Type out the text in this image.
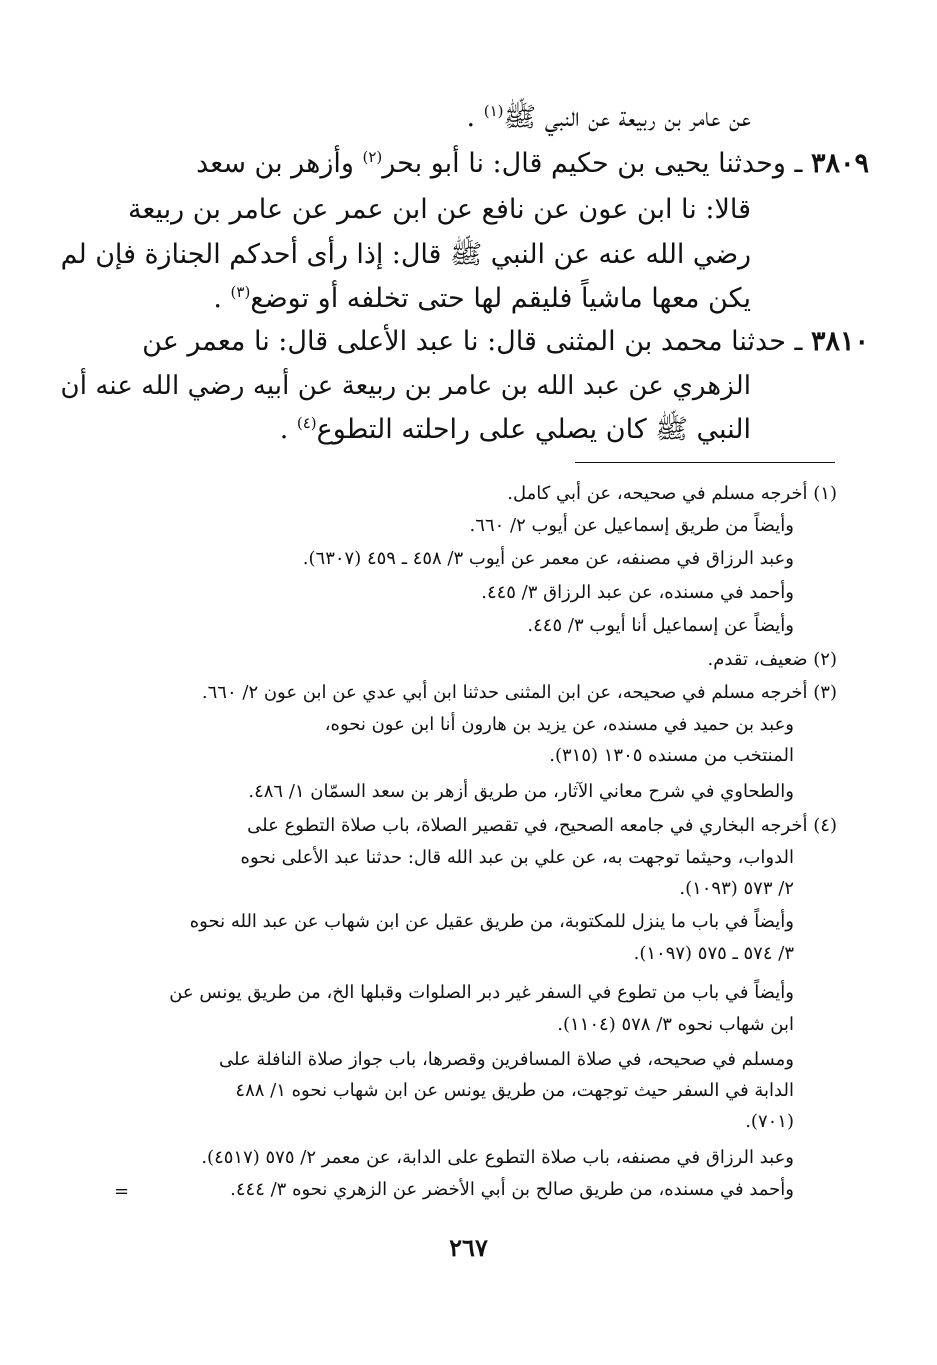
عن عامر بن ربيعة عن النبي ﷺ$^{(١)}$ .
٣٨٠٩ ـ وحدثنا يحيى بن حكيم قال: نا أبو بحر$^{(٢)}$ وأزهر بن سعد
قالا: نا ابن عون عن نافع عن ابن عمر عن عامر بن ربيعة
رضي الله عنه عن النبي ﷺ قال: إذا رأى أحدكم الجنازة فإن لم
يكن معها ماشياً فليقم لها حتى تخلفه أو توضع$^{(٣)}$ .
٣٨١٠ ـ حدثنا محمد بن المثنى قال: نا عبد الأعلى قال: نا معمر عن
الزهري عن عبد الله بن عامر بن ربيعة عن أبيه رضي الله عنه أن
النبي ﷺ كان يصلي على راحلته التطوع$^{(٤)}$ .
(١) أخرجه مسلم في صحيحه، عن أبي كامل.
وأيضاً من طريق إسماعيل عن أيوب ٢/ ٦٦٠.
وعبد الرزاق في مصنفه، عن معمر عن أيوب ٣/ ٤٥٨ ـ ٤٥٩ (٦٣٠٧).
وأحمد في مسنده، عن عبد الرزاق ٣/ ٤٤٥.
وأيضاً عن إسماعيل أنا أيوب ٣/ ٤٤٥.
(٢) ضعيف، تقدم.
(٣) أخرجه مسلم في صحيحه، عن ابن المثنى حدثنا ابن أبي عدي عن ابن عون ٢/ ٦٦٠.
وعبد بن حميد في مسنده، عن يزيد بن هارون أنا ابن عون نحوه،
المنتخب من مسنده ١٣٠٥ (٣١٥).
والطحاوي في شرح معاني الآثار، من طريق أزهر بن سعد السمّان ١/ ٤٨٦.
(٤) أخرجه البخاري في جامعه الصحيح، في تقصير الصلاة، باب صلاة التطوع على
الدواب، وحيثما توجهت به، عن علي بن عبد الله قال: حدثنا عبد الأعلى نحوه
٢/ ٥٧٣ (١٠٩٣).
وأيضاً في باب ما ينزل للمكتوبة، من طريق عقيل عن ابن شهاب عن عبد الله نحوه
٣/ ٥٧٤ ـ ٥٧٥ (١٠٩٧).
وأيضاً في باب من تطوع في السفر غير دبر الصلوات وقبلها الخ، من طريق يونس عن
ابن شهاب نحوه ٣/ ٥٧٨ (١١٠٤).
ومسلم في صحيحه، في صلاة المسافرين وقصرها، باب جواز صلاة النافلة على
الدابة في السفر حيث توجهت، من طريق يونس عن ابن شهاب نحوه ١/ ٤٨٨
(٧٠١).
وعبد الرزاق في مصنفه، باب صلاة التطوع على الدابة، عن معمر ٢/ ٥٧٥ (٤٥١٧).
وأحمد في مسنده، من طريق صالح بن أبي الأخضر عن الزهري نحوه ٣/ ٤٤٤.
=
٢٦٧
